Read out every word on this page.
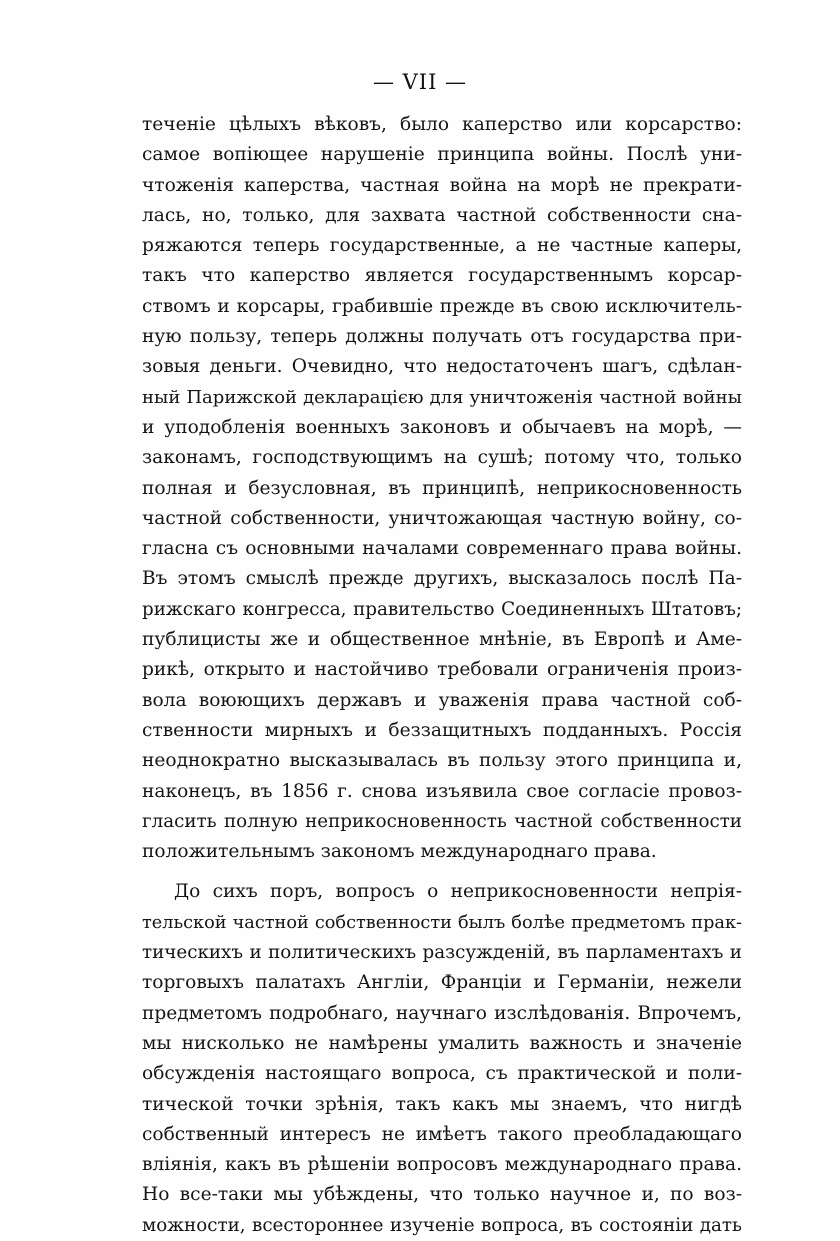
— VII —
теченіе цѣлыхъ вѣковъ, было каперство или корсарство:
самое вопіющее нарушеніе принципа войны. Послѣ уни-
чтоженія каперства, частная война на морѣ не прекрати-
лась, но, только, для захвата частной собственности сна-
ряжаются теперь государственные, а не частные каперы,
такъ что каперство является государственнымъ корсар-
ствомъ и корсары, грабившіе прежде въ свою исключитель-
ную пользу, теперь должны получать отъ государства при-
зовыя деньги. Очевидно, что недостаточенъ шагъ, сдѣлан-
ный Парижской декларацією для уничтоженія частной войны
и уподобленія военныхъ законовъ и обычаевъ на морѣ, —
законамъ, господствующимъ на сушѣ; потому что, только
полная и безусловная, въ принципѣ, неприкосновенность
частной собственности, уничтожающая частную войну, со-
гласна съ основными началами современнаго права войны.
Въ этомъ смыслѣ прежде другихъ, высказалось послѣ Па-
рижскаго конгресса, правительство Соединенныхъ Штатовъ;
публицисты же и общественное мнѣніе, въ Европѣ и Аме-
рикѣ, открыто и настойчиво требовали ограниченія произ-
вола воюющихъ державъ и уваженія права частной соб-
ственности мирныхъ и беззащитныхъ подданныхъ. Россія
неоднократно высказывалась въ пользу этого принципа и,
наконецъ, въ 1856 г. снова изъявила свое согласіе провоз-
гласить полную неприкосновенность частной собственности
положительнымъ закономъ международнаго права.
До сихъ поръ, вопросъ о неприкосновенности непрія-
тельской частной собственности былъ болѣе предметомъ прак-
тическихъ и политическихъ разсужденій, въ парламентахъ и
торговыхъ палатахъ Англіи, Франціи и Германіи, нежели
предметомъ подробнаго, научнаго изслѣдованія. Впрочемъ,
мы нисколько не намѣрены умалить важность и значеніе
обсужденія настоящаго вопроса, съ практической и поли-
тической точки зрѣнія, такъ какъ мы знаемъ, что нигдѣ
собственный интересъ не имѣетъ такого преобладающаго
вліянія, какъ въ рѣшеніи вопросовъ международнаго права.
Но все-таки мы убѣждены, что только научное и, по воз-
можности, всестороннее изученіе вопроса, въ состояніи дать
